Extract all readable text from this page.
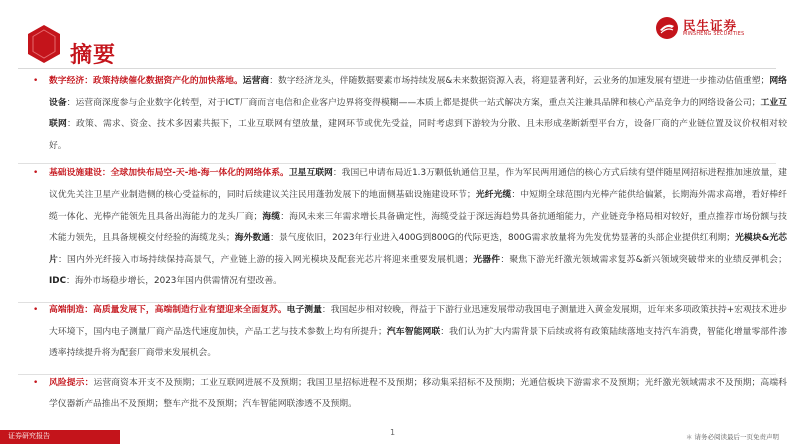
摘要
民生证券
MINSHENG SECURITIES
• 数字经济：政策持续催化数据资产化的加快落地。运营商：数字经济龙头，伴随数据要素市场持续发展&未来数据资源入表，将迎显著利好，云业务的加速发展有望进一步推动估值重塑；网络设备：运营商深度参与企业数字化转型，对于ICT厂商而言电信和企业客户边界将变得模糊——本质上都是提供一站式解决方案，重点关注兼具品牌和核心产品竞争力的网络设备公司；工业互联网：政策、需求、资金、技术多因素共振下，工业互联网有望放量，建网环节或优先受益，同时考虑到下游较为分散、且未形成垄断新型平台方，设备厂商的产业链位置及议价权相对较好。
• 基础设施建设：全球加快布局空-天-地-海一体化的网络体系。卫星互联网：我国已申请布局近1.3万颗低轨通信卫星，作为军民两用通信的核心方式后续有望伴随星网招标进程推加速放量，建议优先关注卫星产业制造侧的核心受益标的，同时后续建议关注民用蓬勃发展下的地面侧基础设施建设环节；光纤光缆：中短期全球范围内光棒产能供给偏紧，长期海外需求高增，看好棒纤缆一体化、光棒产能领先且具备出海能力的龙头厂商；海缆：海风未来三年需求增长具备确定性，海缆受益于深远海趋势具备抗通缩能力，产业链竞争格局相对较好，重点推荐市场份额与技术能力领先，且具备规模交付经验的海缆龙头；海外数通：景气度依旧，2023年行业进入400G到800G的代际更迭，800G需求放量将为先发优势显著的头部企业提供红利期；光模块&光芯片：国内外光纤接入市场持续保持高景气，产业链上游的接入网光模块及配套光芯片将迎来重要发展机遇；光器件：聚焦下游光纤激光领域需求复苏&新兴领域突破带来的业绩反弹机会；IDC：海外市场稳步增长，2023年国内供需情况有望改善。
• 高端制造：高质量发展下，高端制造行业有望迎来全面复苏。电子测量：我国起步相对较晚，得益于下游行业迅速发展带动我国电子测量进入黄金发展期，近年来多项政策扶持+宏观技术进步大环境下，国内电子测量厂商产品迭代速度加快，产品工艺与技术参数上均有所提升；汽车智能网联：我们认为扩大内需背景下后续或将有政策陆续落地支持汽车消费，智能化增量零部件渗透率持续提升将为配套厂商带来发展机会。
• 风险提示：运营商资本开支不及预期；工业互联网进展不及预期；我国卫星招标进程不及预期；移动集采招标不及预期；光通信板块下游需求不及预期；光纤激光领域需求不及预期；高端科学仪器新产品推出不及预期；整车产批不及预期；汽车智能网联渗透不及预期。
证券研究报告	1	＊ 请务必阅读最后一页免责声明
